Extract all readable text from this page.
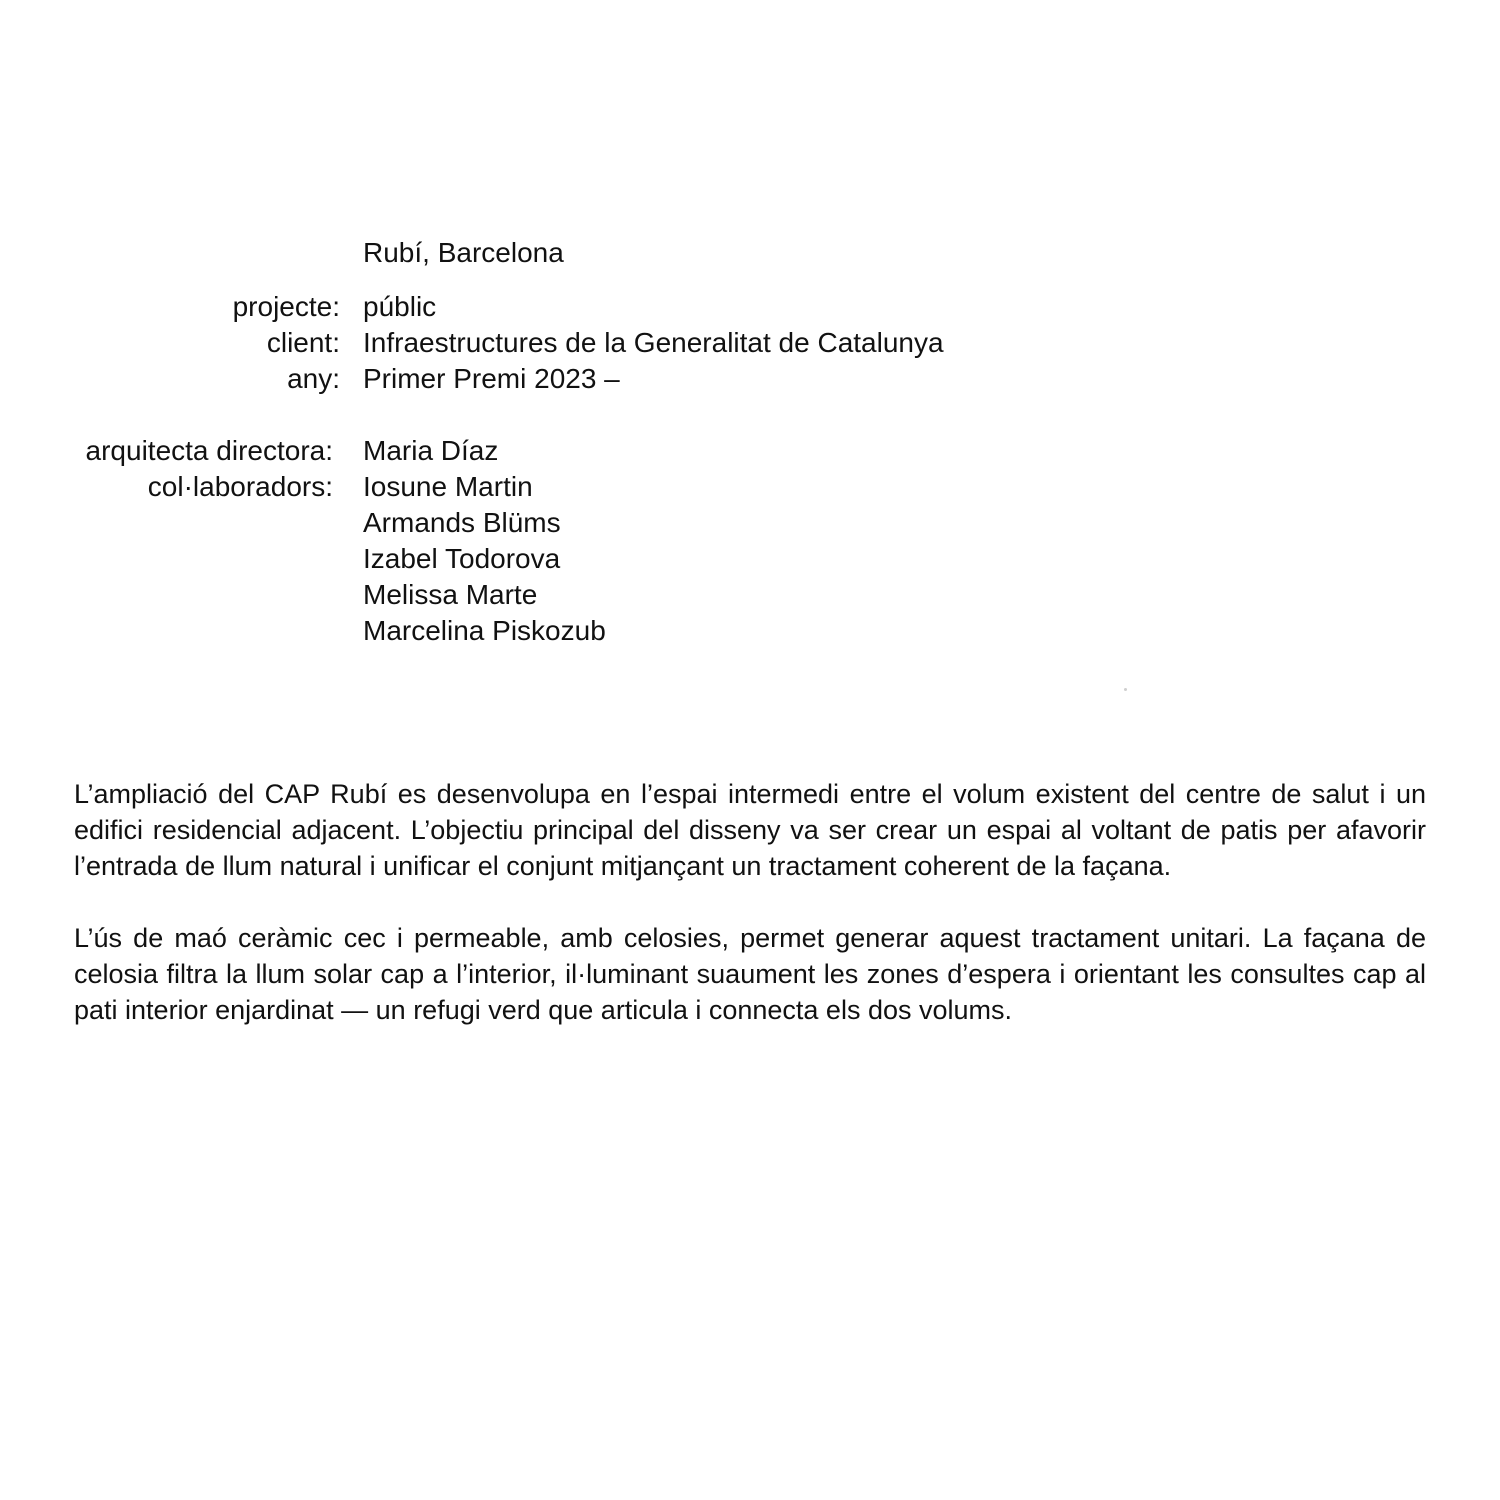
Rubí, Barcelona
projecte: públic
client: Infraestructures de la Generalitat de Catalunya
any: Primer Premi 2023 –
arquitecta directora: Maria Díaz
col·laboradors: Iosune Martin
Armands Blüms
Izabel Todorova
Melissa Marte
Marcelina Piskozub

L’ampliació del CAP Rubí es desenvolupa en l’espai intermedi entre el volum existent del centre de salut i un edifici residencial adjacent. L’objectiu principal del disseny va ser crear un espai al voltant de patis per afavorir l’entrada de llum natural i unificar el conjunt mitjançant un tractament coherent de la façana.

L’ús de maó ceràmic cec i permeable, amb celosies, permet generar aquest tractament unitari. La façana de celosia filtra la llum solar cap a l’interior, il·luminant suaument les zones d’espera i orientant les consultes cap al pati interior enjardinat — un refugi verd que articula i connecta els dos volums.
